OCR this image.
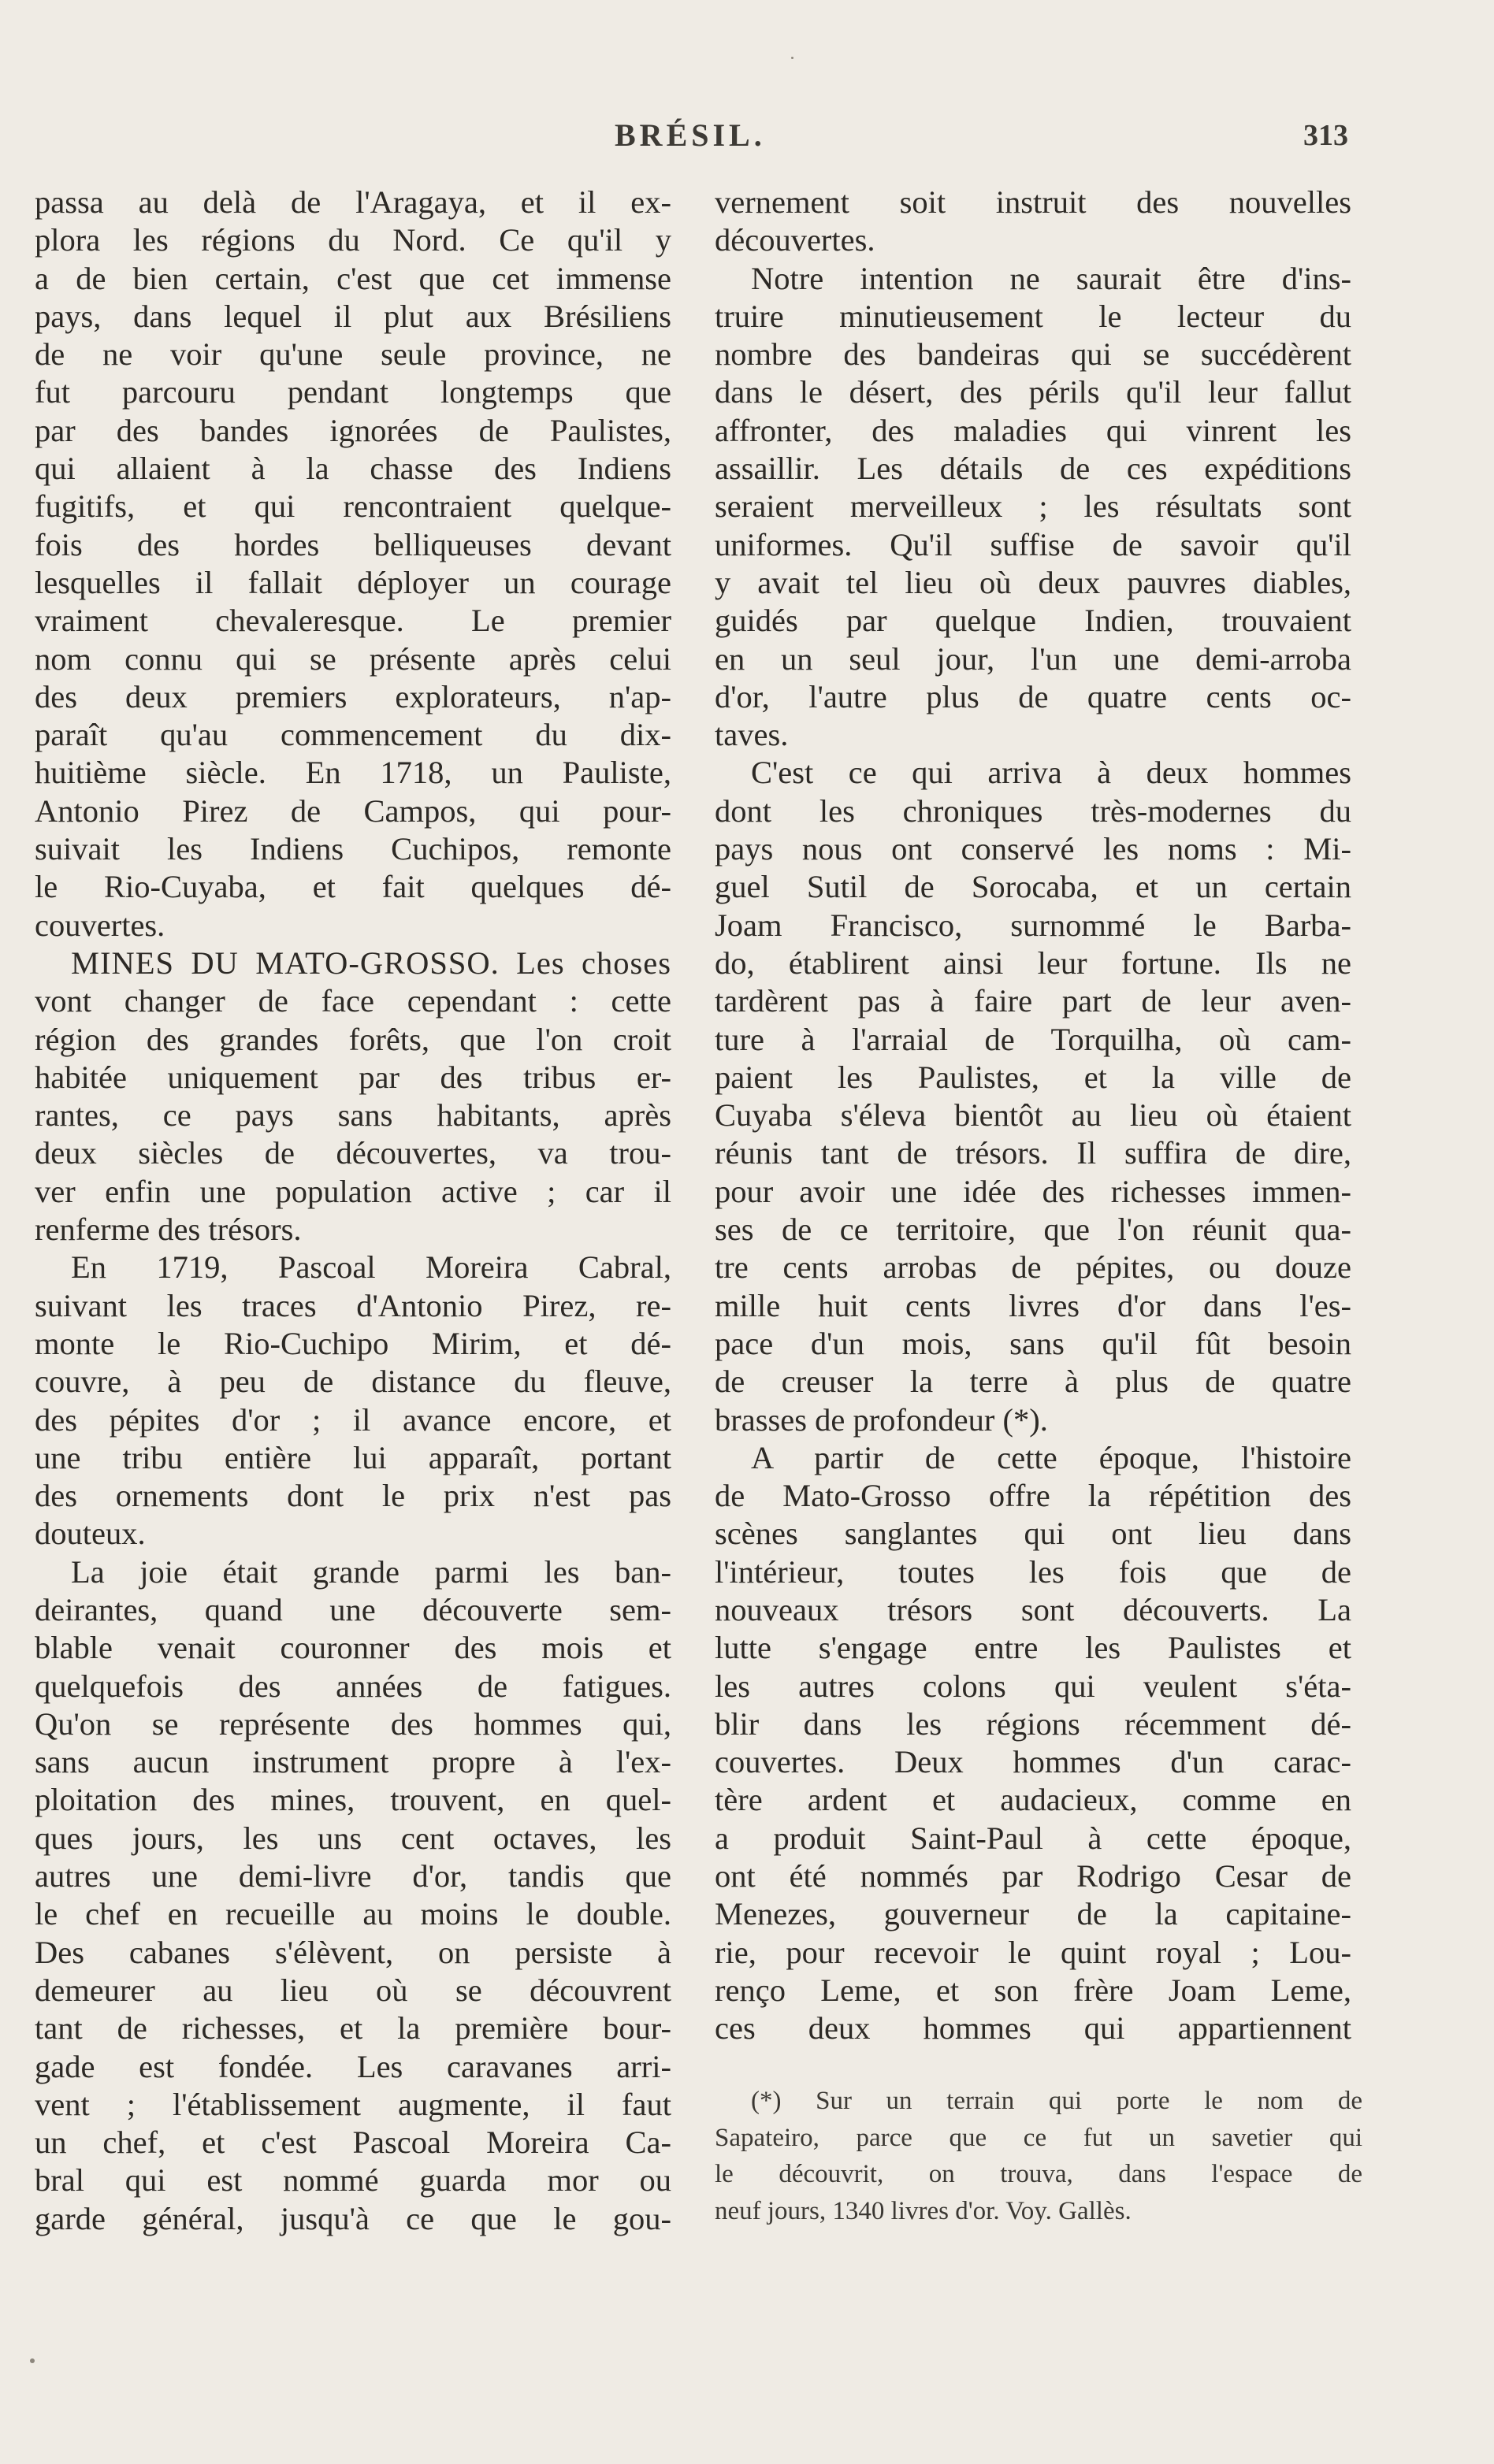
BRÉSIL.	313
passa au delà de l'Aragaya, et il ex-
plora les régions du Nord. Ce qu'il y
a de bien certain, c'est que cet immense
pays, dans lequel il plut aux Brésiliens
de ne voir qu'une seule province, ne
fut parcouru pendant longtemps que
par des bandes ignorées de Paulistes,
qui allaient à la chasse des Indiens
fugitifs, et qui rencontraient quelque-
fois des hordes belliqueuses devant
lesquelles il fallait déployer un courage
vraiment chevaleresque. Le premier
nom connu qui se présente après celui
des deux premiers explorateurs, n'ap-
paraît qu'au commencement du dix-
huitième siècle. En 1718, un Pauliste,
Antonio Pirez de Campos, qui pour-
suivait les Indiens Cuchipos, remonte
le Rio-Cuyaba, et fait quelques dé-
couvertes.
MINES DU MATO-GROSSO. Les choses
vont changer de face cependant : cette
région des grandes forêts, que l'on croit
habitée uniquement par des tribus er-
rantes, ce pays sans habitants, après
deux siècles de découvertes, va trou-
ver enfin une population active ; car il
renferme des trésors.
En 1719, Pascoal Moreira Cabral,
suivant les traces d'Antonio Pirez, re-
monte le Rio-Cuchipo Mirim, et dé-
couvre, à peu de distance du fleuve,
des pépites d'or ; il avance encore, et
une tribu entière lui apparaît, portant
des ornements dont le prix n'est pas
douteux.
La joie était grande parmi les ban-
deirantes, quand une découverte sem-
blable venait couronner des mois et
quelquefois des années de fatigues.
Qu'on se représente des hommes qui,
sans aucun instrument propre à l'ex-
ploitation des mines, trouvent, en quel-
ques jours, les uns cent octaves, les
autres une demi-livre d'or, tandis que
le chef en recueille au moins le double.
Des cabanes s'élèvent, on persiste à
demeurer au lieu où se découvrent
tant de richesses, et la première bour-
gade est fondée. Les caravanes arri-
vent ; l'établissement augmente, il faut
un chef, et c'est Pascoal Moreira Ca-
bral qui est nommé guarda mor ou
garde général, jusqu'à ce que le gou-
vernement soit instruit des nouvelles
découvertes.
Notre intention ne saurait être d'ins-
truire minutieusement le lecteur du
nombre des bandeiras qui se succédèrent
dans le désert, des périls qu'il leur fallut
affronter, des maladies qui vinrent les
assaillir. Les détails de ces expéditions
seraient merveilleux ; les résultats sont
uniformes. Qu'il suffise de savoir qu'il
y avait tel lieu où deux pauvres diables,
guidés par quelque Indien, trouvaient
en un seul jour, l'un une demi-arroba
d'or, l'autre plus de quatre cents oc-
taves.
C'est ce qui arriva à deux hommes
dont les chroniques très-modernes du
pays nous ont conservé les noms : Mi-
guel Sutil de Sorocaba, et un certain
Joam Francisco, surnommé le Barba-
do, établirent ainsi leur fortune. Ils ne
tardèrent pas à faire part de leur aven-
ture à l'arraial de Torquilha, où cam-
paient les Paulistes, et la ville de
Cuyaba s'éleva bientôt au lieu où étaient
réunis tant de trésors. Il suffira de dire,
pour avoir une idée des richesses immen-
ses de ce territoire, que l'on réunit qua-
tre cents arrobas de pépites, ou douze
mille huit cents livres d'or dans l'es-
pace d'un mois, sans qu'il fût besoin
de creuser la terre à plus de quatre
brasses de profondeur (*).
A partir de cette époque, l'histoire
de Mato-Grosso offre la répétition des
scènes sanglantes qui ont lieu dans
l'intérieur, toutes les fois que de
nouveaux trésors sont découverts. La
lutte s'engage entre les Paulistes et
les autres colons qui veulent s'éta-
blir dans les régions récemment dé-
couvertes. Deux hommes d'un carac-
tère ardent et audacieux, comme en
a produit Saint-Paul à cette époque,
ont été nommés par Rodrigo Cesar de
Menezes, gouverneur de la capitaine-
rie, pour recevoir le quint royal ; Lou-
renço Leme, et son frère Joam Leme,
ces deux hommes qui appartiennent
(*) Sur un terrain qui porte le nom de
Sapateiro, parce que ce fut un savetier qui
le découvrit, on trouva, dans l'espace de
neuf jours, 1340 livres d'or. Voy. Gallès.
